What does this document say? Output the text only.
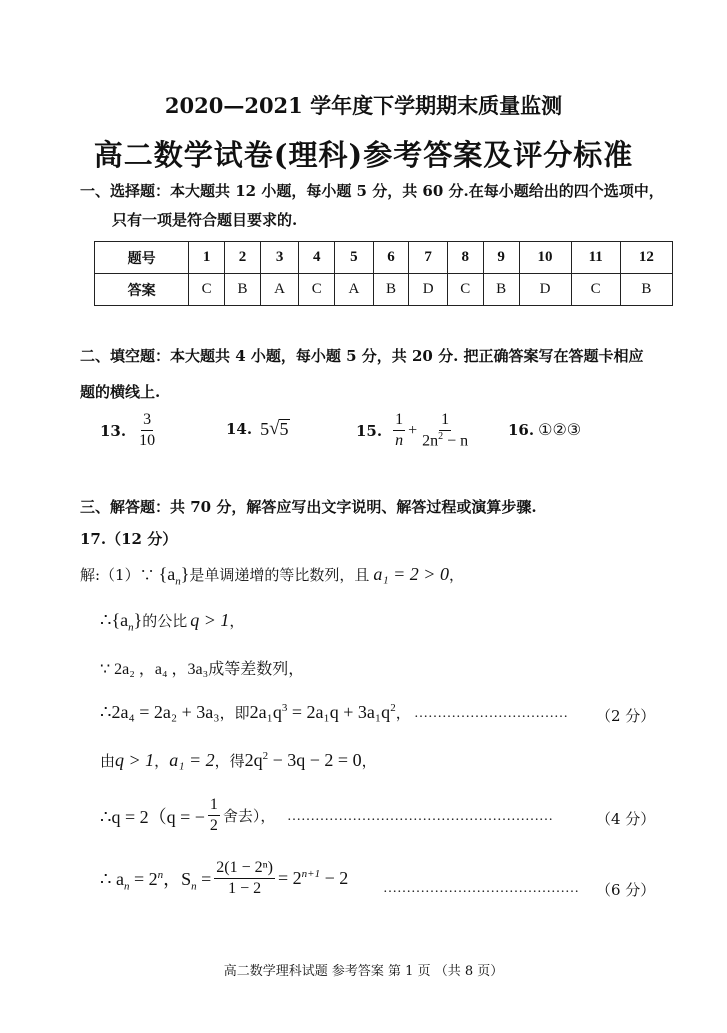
2020—2021 学年度下学期期末质量监测
高二数学试卷(理科)参考答案及评分标准
一、选择题：本大题共 12 小题，每小题 5 分，共 60 分.在每小题给出的四个选项中，
只有一项是符合题目要求的.
题号	1	2	3	4	5	6	7	8	9	10	11	12
答案	C	B	A	C	A	B	D	C	B	D	C	B
二、填空题：本大题共 4 小题，每小题 5 分，共 20 分. 把正确答案写在答题卡相应
题的横线上.
13. $\frac{3}{10}$	14. 5 √ 5	15. $\frac{1}{n} + \frac{1}{2n^2 - n}$	16. ①②③
三、解答题：共 70 分，解答应写出文字说明、解答过程或演算步骤.
17.（12 分）
解:（1）∵ $\{a_n\}$ 是单调递增的等比数列，且 a₁ = 2 > 0 ，
∴ $\{a_n\}$ 的公比 q > 1 ，
∵ 2a₂ ，a₄ ，3a₃成等差数列，
∴2a₄ = 2a₂ + 3a₃ ，即 $2a_1q^3 = 2a_1q + 3a_1q^2$ ， …………………………… （2 分）
由 q > 1 ， a₁ = 2 ，得 $2q^2 - 3q - 2 = 0$ ，
∴q = 2（q = − $\frac{1}{2}$ 舍去）， …………………………………………………	（4 分）
∴ $a_n = 2^n$，$S_n = \frac{\text{2(1 − 2ⁿ)}}{1 - 2} = 2^{n+1} - 2$
…………………………………… （6 分）
高二数学理科试题 参考答案 第 1 页 （共 8 页）
